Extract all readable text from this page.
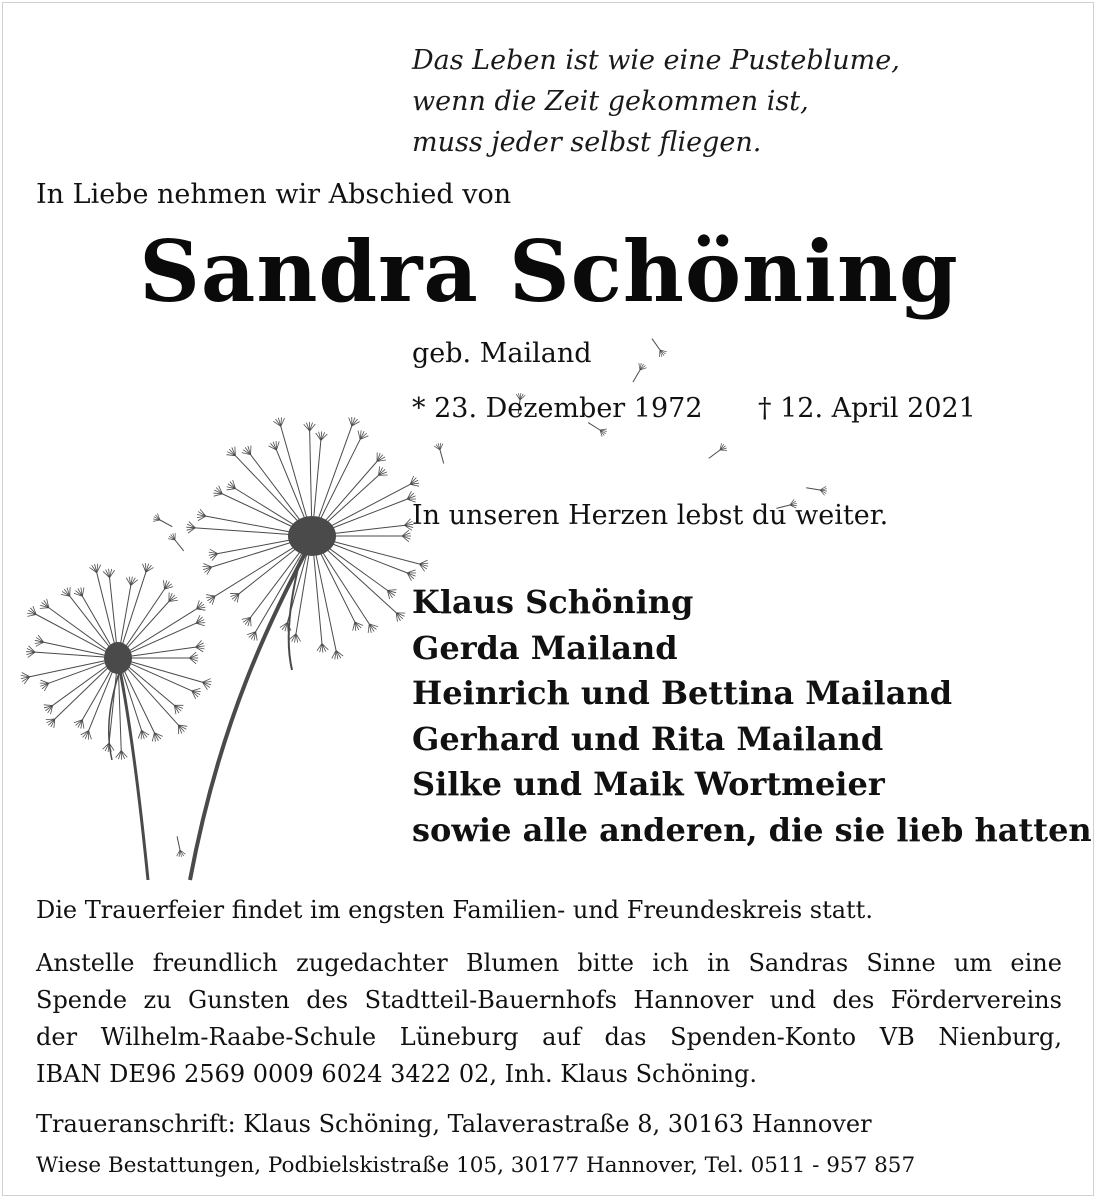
Das Leben ist wie eine Pusteblume,
wenn die Zeit gekommen ist,
muss jeder selbst fliegen.
In Liebe nehmen wir Abschied von
Sandra Schöning
geb. Mailand
* 23. Dezember 1972 † 12. April 2021
In unseren Herzen lebst du weiter.
Klaus Schöning
Gerda Mailand
Heinrich und Bettina Mailand
Gerhard und Rita Mailand
Silke und Maik Wortmeier
sowie alle anderen, die sie lieb hatten
Die Trauerfeier findet im engsten Familien- und Freundeskreis statt.
Anstelle freundlich zugedachter Blumen bitte ich in Sandras Sinne um eine
Spende zu Gunsten des Stadtteil-Bauernhofs Hannover und des Fördervereins
der Wilhelm-Raabe-Schule Lüneburg auf das Spenden-Konto VB Nienburg,
IBAN DE96 2569 0009 6024 3422 02, Inh. Klaus Schöning.
Traueranschrift: Klaus Schöning, Talaverastraße 8, 30163 Hannover
Wiese Bestattungen, Podbielskistraße 105, 30177 Hannover, Tel. 0511 - 957 857
